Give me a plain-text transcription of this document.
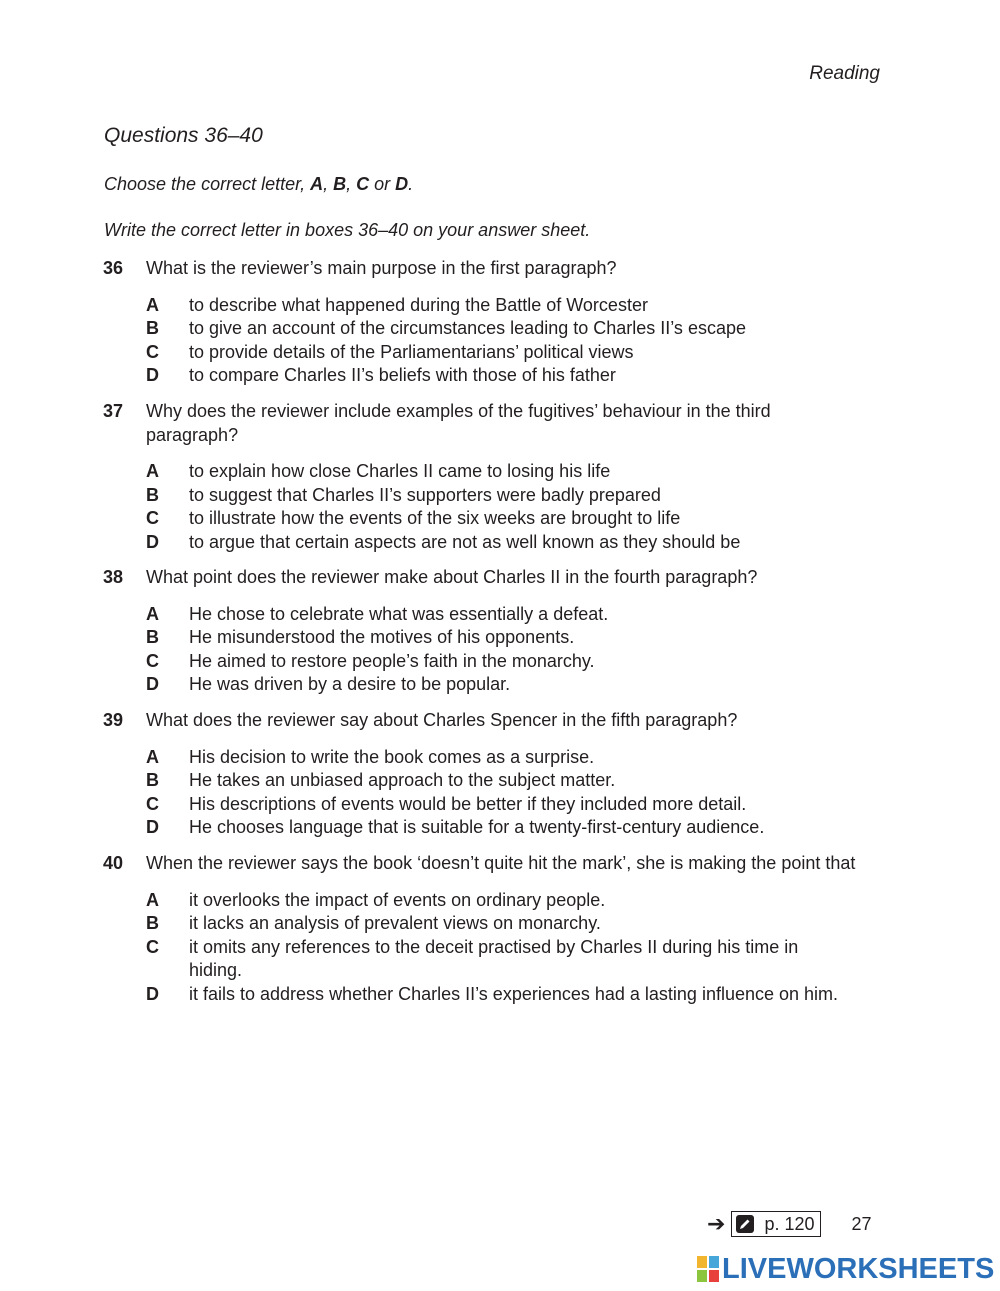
Reading
Questions 36–40
Choose the correct letter, A, B, C or D.
Write the correct letter in boxes 36–40 on your answer sheet.
36	What is the reviewer’s main purpose in the first paragraph?
A	to describe what happened during the Battle of Worcester
B	to give an account of the circumstances leading to Charles II’s escape
C	to provide details of the Parliamentarians’ political views
D	to compare Charles II’s beliefs with those of his father
37	Why does the reviewer include examples of the fugitives’ behaviour in the third paragraph?
A	to explain how close Charles II came to losing his life
B	to suggest that Charles II’s supporters were badly prepared
C	to illustrate how the events of the six weeks are brought to life
D	to argue that certain aspects are not as well known as they should be
38	What point does the reviewer make about Charles II in the fourth paragraph?
A	He chose to celebrate what was essentially a defeat.
B	He misunderstood the motives of his opponents.
C	He aimed to restore people’s faith in the monarchy.
D	He was driven by a desire to be popular.
39	What does the reviewer say about Charles Spencer in the fifth paragraph?
A	His decision to write the book comes as a surprise.
B	He takes an unbiased approach to the subject matter.
C	His descriptions of events would be better if they included more detail.
D	He chooses language that is suitable for a twenty-first-century audience.
40	When the reviewer says the book ‘doesn’t quite hit the mark’, she is making the point that
A	it overlooks the impact of events on ordinary people.
B	it lacks an analysis of prevalent views on monarchy.
C	it omits any references to the deceit practised by Charles II during his time in hiding.
D	it fails to address whether Charles II’s experiences had a lasting influence on him.
➔ p. 120 27
LIVEWORKSHEETS
